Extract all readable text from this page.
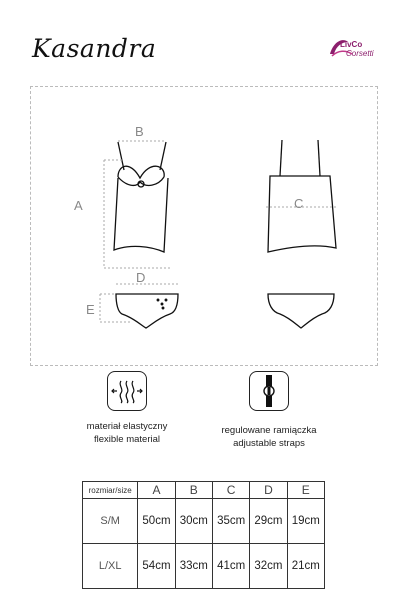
Kasandra	LivCo
Corsetti
B
A	C
D
E
materiał elastyczny
flexible material
regulowane ramiączka
adjustable straps
rozmiar/size	A	B	C	D	E
S/M	50cm	30cm	35cm	29cm	19cm
L/XL	54cm	33cm	41cm	32cm	21cm
